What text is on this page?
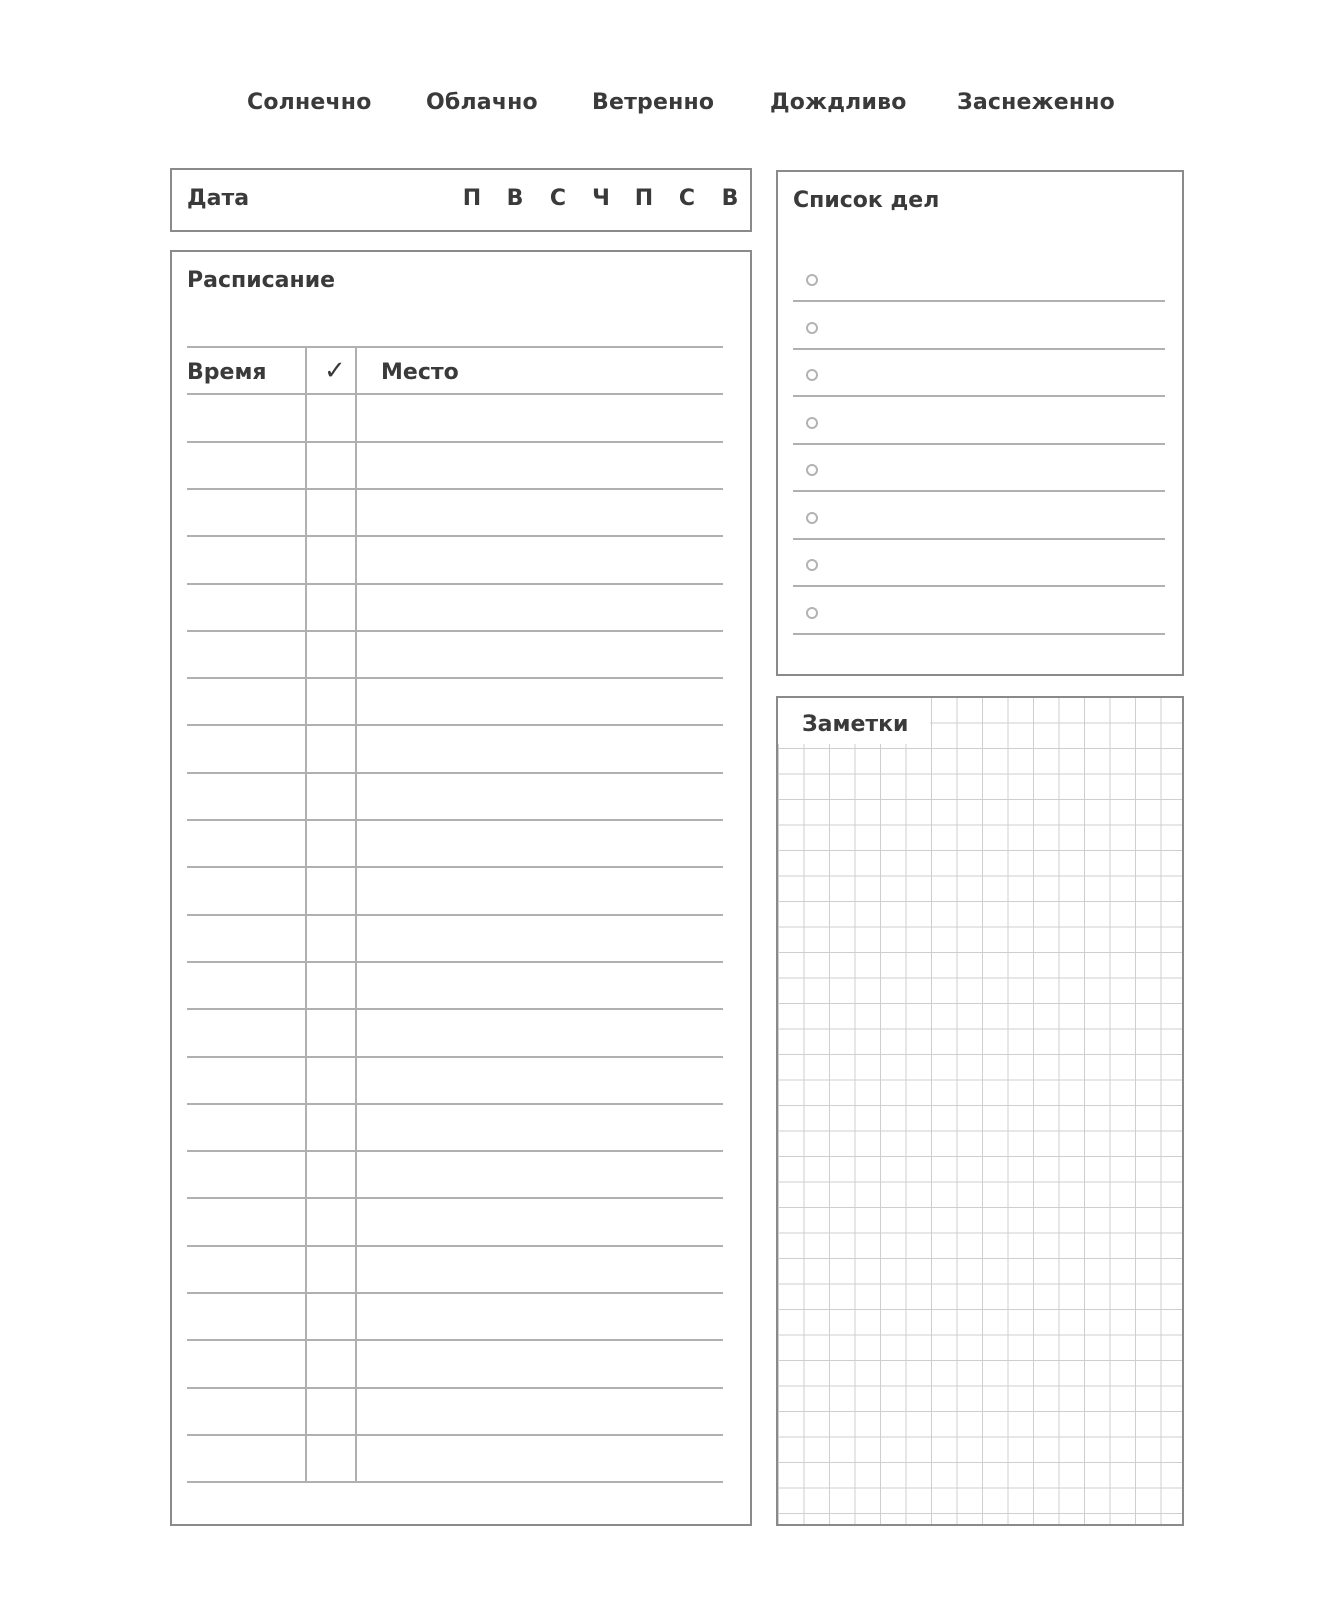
Солнечно Облачно Ветренно	Дождливо Заснеженно
Дата	П В С Ч П С В
Расписание
Время ✓ Место
Список дел
Заметки
